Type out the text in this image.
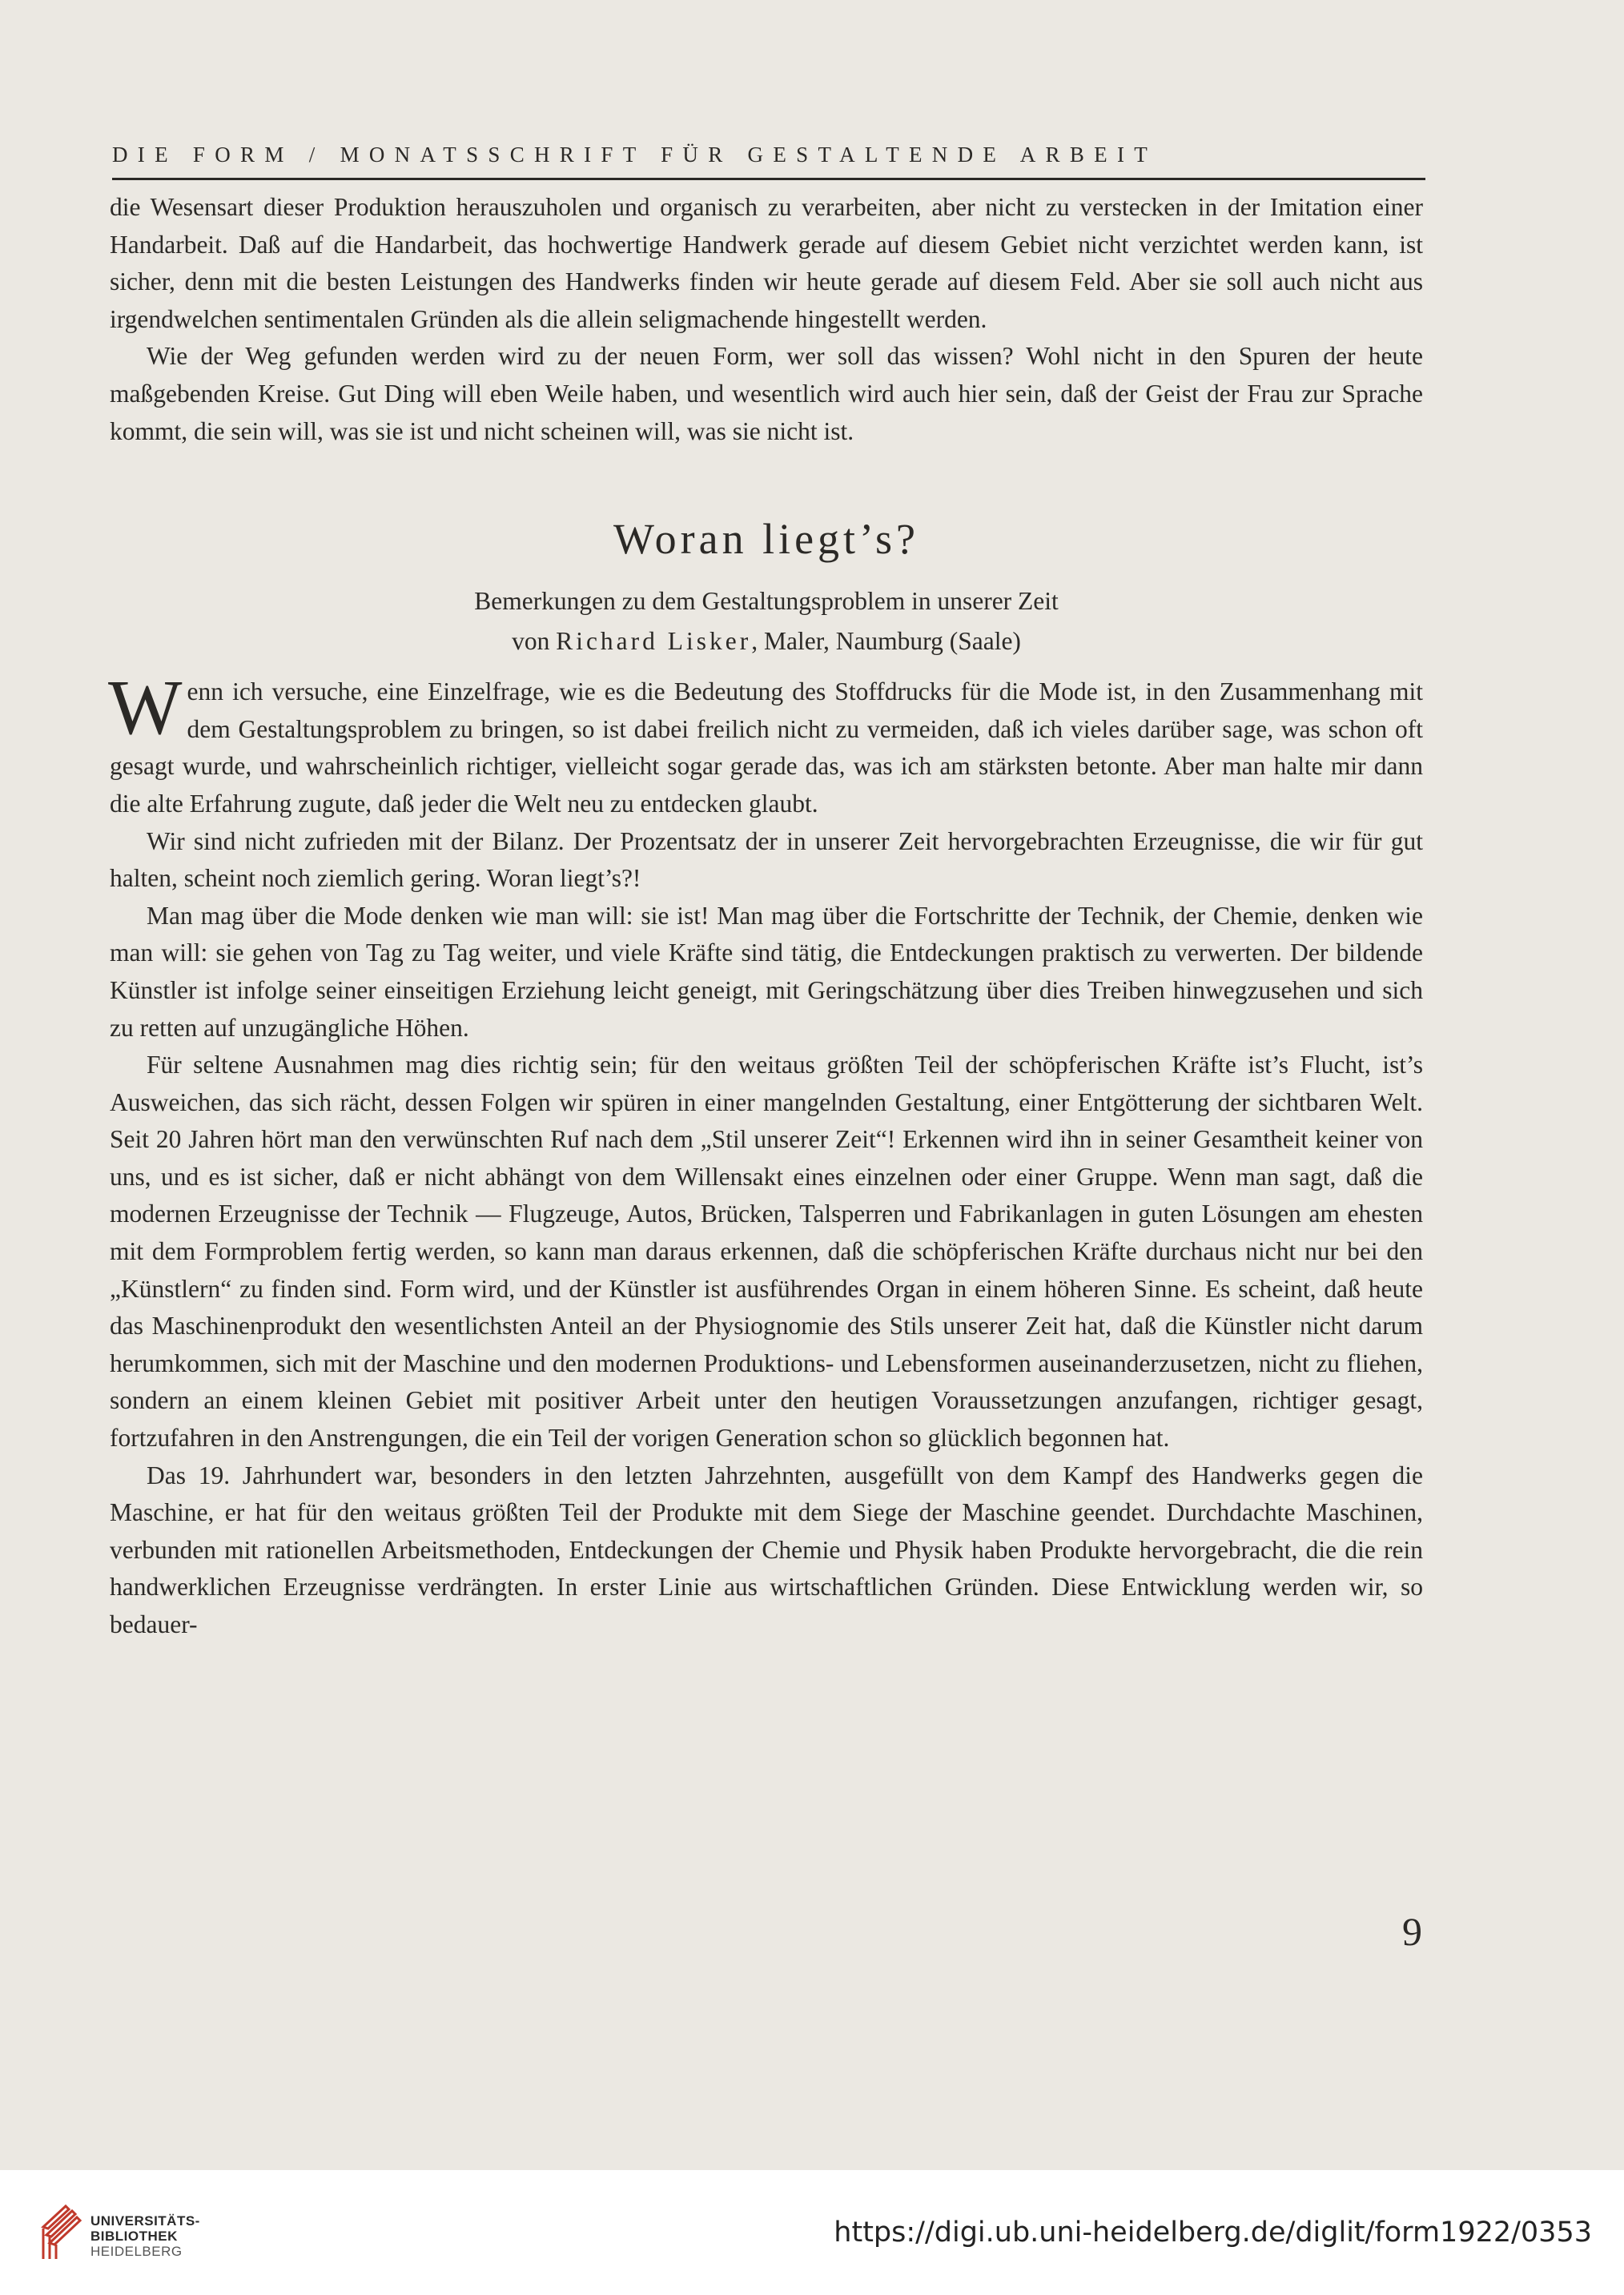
DIE FORM / MONATSSCHRIFT FÜR GESTALTENDE ARBEIT

die Wesensart dieser Produktion herauszuholen und organisch zu verarbeiten, aber nicht zu verstecken in der Imitation einer Handarbeit. Daß auf die Handarbeit, das hochwertige Handwerk gerade auf diesem Gebiet nicht verzichtet werden kann, ist sicher, denn mit die besten Leistungen des Handwerks finden wir heute gerade auf diesem Feld. Aber sie soll auch nicht aus irgendwelchen sentimentalen Gründen als die allein seligmachende hingestellt werden.

Wie der Weg gefunden werden wird zu der neuen Form, wer soll das wissen? Wohl nicht in den Spuren der heute maßgebenden Kreise. Gut Ding will eben Weile haben, und wesentlich wird auch hier sein, daß der Geist der Frau zur Sprache kommt, die sein will, was sie ist und nicht scheinen will, was sie nicht ist.

Woran liegt’s?
Bemerkungen zu dem Gestaltungsproblem in unserer Zeit
von Richard Lisker, Maler, Naumburg (Saale)

Wenn ich versuche, eine Einzelfrage, wie es die Bedeutung des Stoffdrucks für die Mode ist, in den Zusammenhang mit dem Gestaltungsproblem zu bringen, so ist dabei freilich nicht zu vermeiden, daß ich vieles darüber sage, was schon oft gesagt wurde, und wahrscheinlich richtiger, vielleicht sogar gerade das, was ich am stärksten betonte. Aber man halte mir dann die alte Erfahrung zugute, daß jeder die Welt neu zu entdecken glaubt.

Wir sind nicht zufrieden mit der Bilanz. Der Prozentsatz der in unserer Zeit hervorgebrachten Erzeugnisse, die wir für gut halten, scheint noch ziemlich gering. Woran liegt’s?!

Man mag über die Mode denken wie man will: sie ist! Man mag über die Fortschritte der Technik, der Chemie, denken wie man will: sie gehen von Tag zu Tag weiter, und viele Kräfte sind tätig, die Entdeckungen praktisch zu verwerten. Der bildende Künstler ist infolge seiner einseitigen Erziehung leicht geneigt, mit Geringschätzung über dies Treiben hinwegzusehen und sich zu retten auf unzugängliche Höhen.

Für seltene Ausnahmen mag dies richtig sein; für den weitaus größten Teil der schöpferischen Kräfte ist’s Flucht, ist’s Ausweichen, das sich rächt, dessen Folgen wir spüren in einer mangelnden Gestaltung, einer Entgötterung der sichtbaren Welt. Seit 20 Jahren hört man den verwünschten Ruf nach dem „Stil unserer Zeit“! Erkennen wird ihn in seiner Gesamtheit keiner von uns, und es ist sicher, daß er nicht abhängt von dem Willensakt eines einzelnen oder einer Gruppe. Wenn man sagt, daß die modernen Erzeugnisse der Technik — Flugzeuge, Autos, Brücken, Talsperren und Fabrikanlagen in guten Lösungen am ehesten mit dem Formproblem fertig werden, so kann man daraus erkennen, daß die schöpferischen Kräfte durchaus nicht nur bei den „Künstlern“ zu finden sind. Form wird, und der Künstler ist ausführendes Organ in einem höheren Sinne. Es scheint, daß heute das Maschinenprodukt den wesentlichsten Anteil an der Physiognomie des Stils unserer Zeit hat, daß die Künstler nicht darum herumkommen, sich mit der Maschine und den modernen Produktions- und Lebensformen auseinanderzusetzen, nicht zu fliehen, sondern an einem kleinen Gebiet mit positiver Arbeit unter den heutigen Voraussetzungen anzufangen, richtiger gesagt, fortzufahren in den Anstrengungen, die ein Teil der vorigen Generation schon so glücklich begonnen hat.

Das 19. Jahrhundert war, besonders in den letzten Jahrzehnten, ausgefüllt von dem Kampf des Handwerks gegen die Maschine, er hat für den weitaus größten Teil der Produkte mit dem Siege der Maschine geendet. Durchdachte Maschinen, verbunden mit rationellen Arbeitsmethoden, Entdeckungen der Chemie und Physik haben Produkte hervorgebracht, die die rein handwerklichen Erzeugnisse verdrängten. In erster Linie aus wirtschaftlichen Gründen. Diese Entwicklung werden wir, so bedauer-

9
UNIVERSITÄTS-
BIBLIOTHEK
HEIDELBERG
https://digi.ub.uni-heidelberg.de/diglit/form1922/0353
